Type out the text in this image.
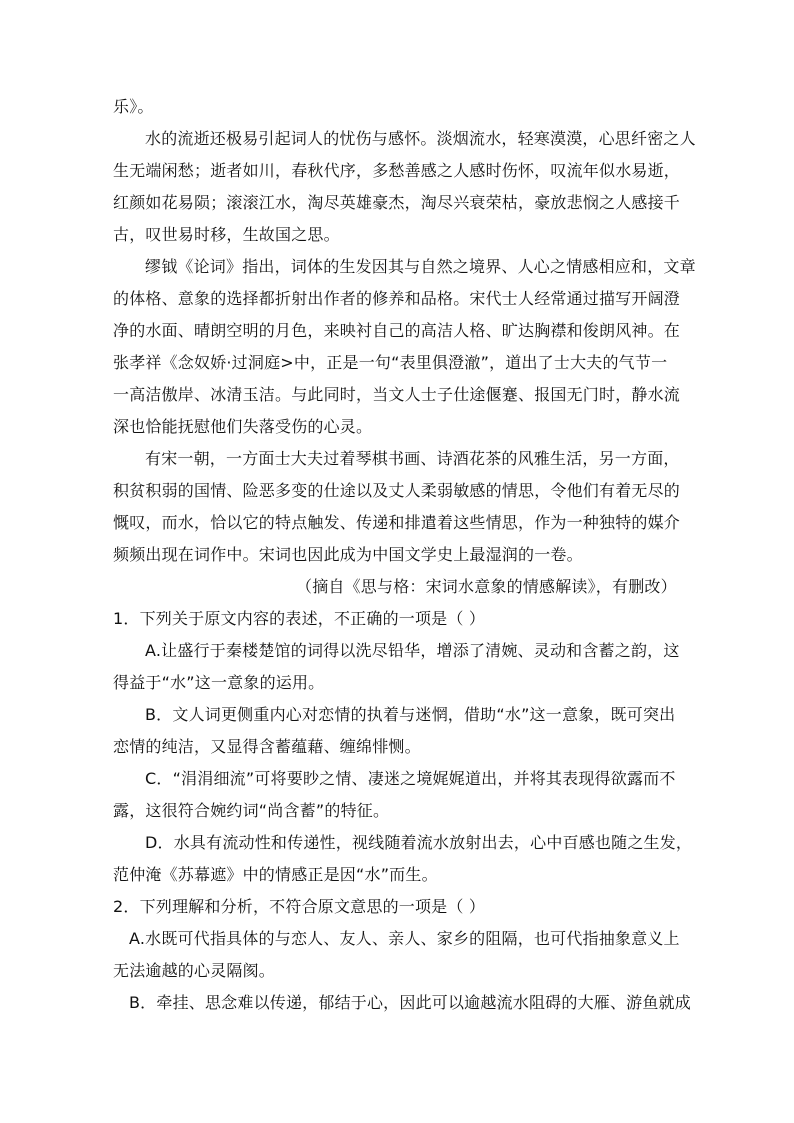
乐》。

水的流逝还极易引起词人的忧伤与感怀。淡烟流水，轻寒漠漠，心思纤密之人

生无端闲愁；逝者如川，春秋代序，多愁善感之人感时伤怀，叹流年似水易逝，

红颜如花易陨；滚滚江水，淘尽英雄豪杰，淘尽兴衰荣枯，豪放悲悯之人感接千

古，叹世易时移，生故国之思。

缪钺《论词》指出，词体的生发因其与自然之境界、人心之情感相应和，文章

的体格、意象的选择都折射出作者的修养和品格。宋代士人经常通过描写开阔澄

净的水面、晴朗空明的月色，来映衬自己的高洁人格、旷达胸襟和俊朗风神。在

张孝祥《念奴娇·过洞庭>中，正是一句“表里俱澄澈”，道出了士大夫的气节一

一高洁傲岸、冰清玉洁。与此同时，当文人士子仕途偃蹇、报国无门时，静水流

深也恰能抚慰他们失落受伤的心灵。

有宋一朝，一方面士大夫过着琴棋书画、诗酒花茶的风雅生活，另一方面，

积贫积弱的国情、险恶多变的仕途以及丈人柔弱敏感的情思，令他们有着无尽的

慨叹，而水，恰以它的特点触发、传递和排遣着这些情思，作为一种独特的媒介

频频出现在词作中。宋词也因此成为中国文学史上最湿润的一卷。

（摘自《思与格：宋词水意象的情感解读》，有删改）

1．下列关于原文内容的表述，不正确的一项是（ ）

A.让盛行于秦楼楚馆的词得以洗尽铅华，增添了清婉、灵动和含蓄之韵，这

得益于“水”这一意象的运用。

B．文人词更侧重内心对恋情的执着与迷惘，借助“水”这一意象，既可突出

恋情的纯洁，又显得含蓄蕴藉、缠绵悱恻。

C．“涓涓细流”可将要眇之情、凄迷之境娓娓道出，并将其表现得欲露而不

露，这很符合婉约词“尚含蓄”的特征。

D．水具有流动性和传递性，视线随着流水放射出去，心中百感也随之生发，

范仲淹《苏幕遮》中的情感正是因“水”而生。

2．下列理解和分析，不符合原文意思的一项是（ ）

A.水既可代指具体的与恋人、友人、亲人、家乡的阻隔，也可代指抽象意义上

无法逾越的心灵隔阂。

B．牵挂、思念难以传递，郁结于心，因此可以逾越流水阻碍的大雁、游鱼就成
